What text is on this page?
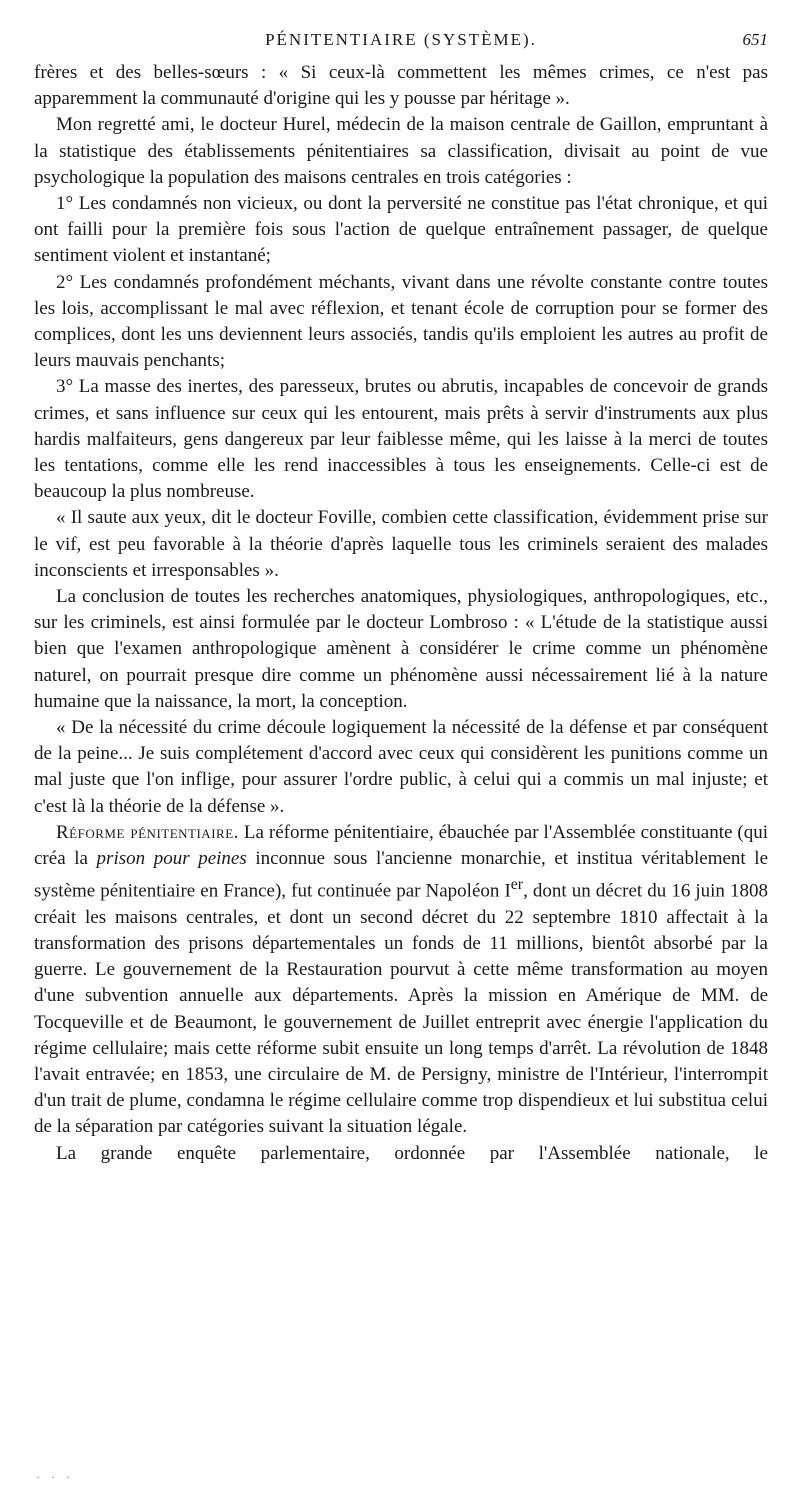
PÉNITENTIAIRE (SYSTÈME).	651

frères et des belles-sœurs : « Si ceux-là commettent les mêmes crimes, ce n'est pas apparemment la communauté d'origine qui les y pousse par héritage ».

Mon regretté ami, le docteur Hurel, médecin de la maison centrale de Gaillon, empruntant à la statistique des établissements pénitentiaires sa classification, divisait au point de vue psychologique la population des maisons centrales en trois catégories :

1° Les condamnés non vicieux, ou dont la perversité ne constitue pas l'état chronique, et qui ont failli pour la première fois sous l'action de quelque entraînement passager, de quelque sentiment violent et instantané;

2° Les condamnés profondément méchants, vivant dans une révolte constante contre toutes les lois, accomplissant le mal avec réflexion, et tenant école de corruption pour se former des complices, dont les uns deviennent leurs associés, tandis qu'ils emploient les autres au profit de leurs mauvais penchants;

3° La masse des inertes, des paresseux, brutes ou abrutis, incapables de concevoir de grands crimes, et sans influence sur ceux qui les entourent, mais prêts à servir d'instruments aux plus hardis malfaiteurs, gens dangereux par leur faiblesse même, qui les laisse à la merci de toutes les tentations, comme elle les rend inaccessibles à tous les enseignements. Celle-ci est de beaucoup la plus nombreuse.

« Il saute aux yeux, dit le docteur Foville, combien cette classification, évidemment prise sur le vif, est peu favorable à la théorie d'après laquelle tous les criminels seraient des malades inconscients et irresponsables ».

La conclusion de toutes les recherches anatomiques, physiologiques, anthropologiques, etc., sur les criminels, est ainsi formulée par le docteur Lombroso : « L'étude de la statistique aussi bien que l'examen anthropologique amènent à considérer le crime comme un phénomène naturel, on pourrait presque dire comme un phénomène aussi nécessairement lié à la nature humaine que la naissance, la mort, la conception.

« De la nécessité du crime découle logiquement la nécessité de la défense et par conséquent de la peine... Je suis complétement d'accord avec ceux qui considèrent les punitions comme un mal juste que l'on inflige, pour assurer l'ordre public, à celui qui a commis un mal injuste; et c'est là la théorie de la défense ».

Réforme pénitentiaire. La réforme pénitentiaire, ébauchée par l'Assemblée constituante (qui créa la prison pour peines inconnue sous l'ancienne monarchie, et institua véritablement le système pénitentiaire en France), fut continuée par Napoléon Ier, dont un décret du 16 juin 1808 créait les maisons centrales, et dont un second décret du 22 septembre 1810 affectait à la transformation des prisons départementales un fonds de 11 millions, bientôt absorbé par la guerre. Le gouvernement de la Restauration pourvut à cette même transformation au moyen d'une subvention annuelle aux départements. Après la mission en Amérique de MM. de Tocqueville et de Beaumont, le gouvernement de Juillet entreprit avec énergie l'application du régime cellulaire; mais cette réforme subit ensuite un long temps d'arrêt. La révolution de 1848 l'avait entravée; en 1853, une circulaire de M. de Persigny, ministre de l'Intérieur, l'interrompit d'un trait de plume, condamna le régime cellulaire comme trop dispendieux et lui substitua celui de la séparation par catégories suivant la situation légale.

La grande enquête parlementaire, ordonnée par l'Assemblée nationale, le

· · ·
